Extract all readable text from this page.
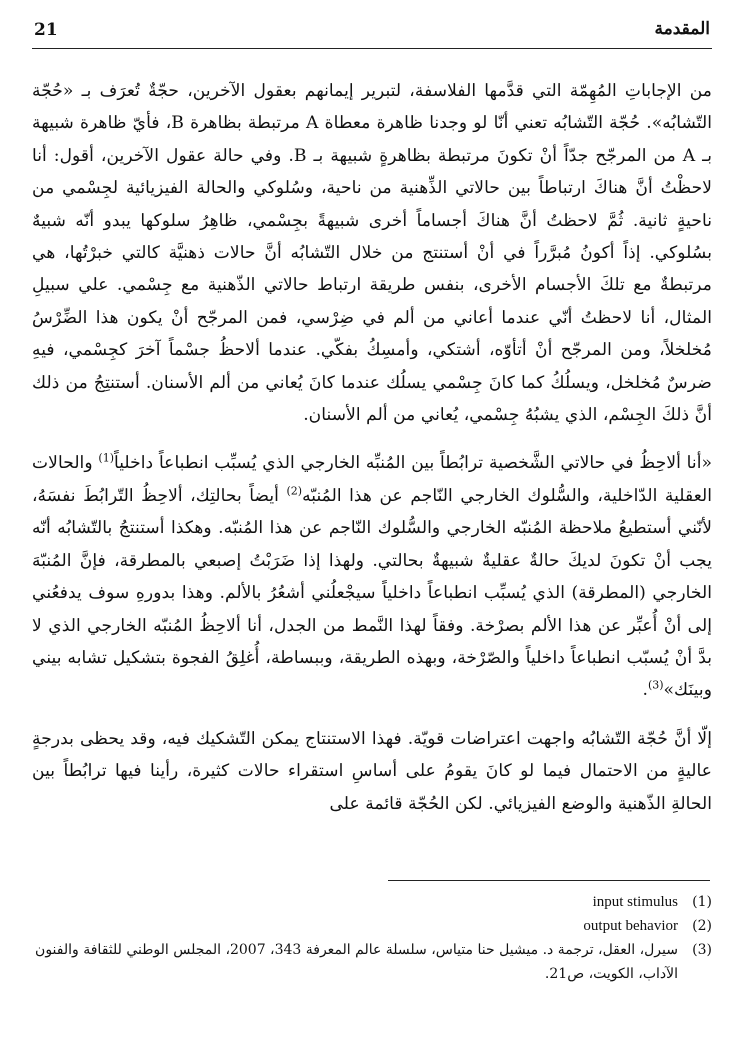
21	المقدمة

من الإجاباتِ المُهِمّة التي قدَّمها الفلاسفة، لتبرير إيمانهم بعقول الآخرين، حجّةٌ تُعرَف بـ «حُجّة التّشابُه». حُجّة التّشابُه تعني أنّا لو وجدنا ظاهرة معطاة A مرتبطة بظاهرة B، فأيّ ظاهرة شبيهة بـ A من المرجّح جدّاً أنْ تكونَ مرتبطة بظاهرةٍ شبيهة بـ B. وفي حالة عقول الآخرين، أقول: أنا لاحظْتُ أنَّ هناكَ ارتباطاً بين حالاتي الذِّهنية من ناحية، وسُلوكي والحالة الفيزيائية لجِسْمي من ناحيةٍ ثانية. ثُمَّ لاحظتُ أنَّ هناكَ أجساماً أخرى شبيهةً بجِسْمي، ظاهِرُ سلوكها يبدو أنّه شبيهٌ بسُلوكي. إذاً أكونُ مُبرَّراً في أنْ أستنتج من خلال التّشابُه أنَّ حالات ذهنيَّة كالتي خبرْتُها، هي مرتبطةٌ مع تلكَ الأجسام الأخرى، بنفس طريقة ارتباط حالاتي الذّهنية مع جِسْمي. علي سبيلِ المثال، أنا لاحظتُ أنّي عندما أعاني من ألم في ضِرْسي، فمن المرجّح أنْ يكون هذا الضِّرْسُ مُخلخلاً، ومن المرجّح أنْ أتأوّه، أشتكي، وأمسِكُ بفكّي. عندما ألاحظُ جسْماً آخرَ كجِسْمي، فيهِ ضرسٌ مُخلخل، ويسلُكُ كما كانَ جِسْمي يسلُك عندما كانَ يُعاني من ألم الأسنان. أستنتِجُ من ذلك أنَّ ذلكَ الجِسْم، الذي يشبُهُ جِسْمي، يُعاني من ألم الأسنان.

«أنا ألاحِظُ في حالاتي الشَّخصية ترابُطاً بين المُنبِّه الخارجي الذي يُسبِّب انطباعاً داخلياً$^{(1)}$ والحالات العقلية الدّاخلية، والسُّلوك الخارجي النّاجم عن هذا المُنبّه$^{(2)}$ أيضاً بحالتِك، ألاحِظُ التّرابُطَ نفسَهُ، لأنّني أستطيعُ ملاحظة المُنبّه الخارجي والسُّلوك النّاجم عن هذا المُنبّه. وهكذا أستنتجُ بالتّشابُه أنّه يجب أنْ تكونَ لديكَ حالةٌ عقليةٌ شبيهةٌ بحالتي. ولهذا إذا ضَرَبْتُ إصبعي بالمطرقة، فإنَّ المُنبّهَ الخارجي (المطرقة) الذي يُسبِّب انطباعاً داخلياً سيجْعلُني أشعُرُ بالألم. وهذا بدورهِ سوف يدفعُني إلى أنْ أُعبِّر عن هذا الألم بصرْخة. وفقاً لهذا النَّمط من الجدل، أنا ألاحِظُ المُنبّه الخارجي الذي لا بدَّ أنْ يُسبّب انطباعاً داخلياً والصّرْخة، وبهذه الطريقة، وببساطة، أُغلِقُ الفجوة بتشكيل تشابه بيني وبينَك»$^{(3)}$.

إلّا أنَّ حُجّة التّشابُه واجهت اعتراضات قويّة. فهذا الاستنتاج يمكن التّشكيك فيه، وقد يحظى بدرجةٍ عاليةٍ من الاحتمال فيما لو كانَ يقومُ على أساسِ استقراء حالات كثيرة، رأينا فيها ترابُطاً بين الحالةِ الذّهنية والوضع الفيزيائي. لكن الحُجّة قائمة على

(1)
input stimulus
(2)
output behavior
(3)
سيرل، العقل، ترجمة د. ميشيل حنا متياس، سلسلة عالم المعرفة 343، 2007، المجلس الوطني للثقافة والفنون الآداب، الكويت، ص21.
